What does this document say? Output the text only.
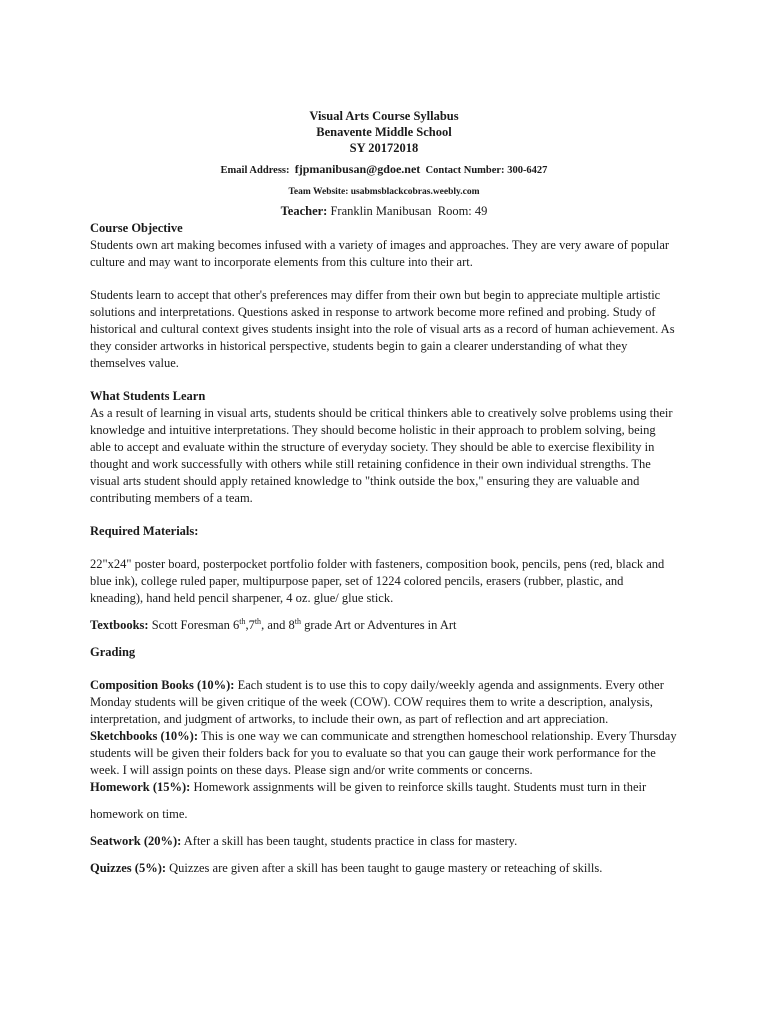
Visual Arts Course Syllabus
Benavente Middle School
SY 20172018
Email Address: fjpmanibusan@gdoe.net Contact Number: 300-6427
Team Website: usabmsblackcobras.weebly.com
Teacher: Franklin Manibusan Room: 49
Course Objective

Students own art making becomes infused with a variety of images and approaches. They are very aware of popular culture and may want to incorporate elements from this culture into their art.

Students learn to accept that other's preferences may differ from their own but begin to appreciate multiple artistic solutions and interpretations. Questions asked in response to artwork become more refined and probing. Study of historical and cultural context gives students insight into the role of visual arts as a record of human achievement. As they consider artworks in historical perspective, students begin to gain a clearer understanding of what they themselves value.

What Students Learn

As a result of learning in visual arts, students should be critical thinkers able to creatively solve problems using their knowledge and intuitive interpretations. They should become holistic in their approach to problem solving, being able to accept and evaluate within the structure of everyday society. They should be able to exercise flexibility in thought and work successfully with others while still retaining confidence in their own individual strengths. The visual arts student should apply retained knowledge to "think outside the box," ensuring they are valuable and contributing members of a team.

Required Materials:

22"x24" poster board, posterpocket portfolio folder with fasteners, composition book, pencils, pens (red, black and blue ink), college ruled paper, multipurpose paper, set of 1224 colored pencils, erasers (rubber, plastic, and kneading), hand held pencil sharpener, 4 oz. glue/ glue stick.

Textbooks: Scott Foresman 6th,7th, and 8th grade Art or Adventures in Art

Grading

Composition Books (10%): Each student is to use this to copy daily/weekly agenda and assignments. Every other Monday students will be given critique of the week (COW). COW requires them to write a description, analysis, interpretation, and judgment of artworks, to include their own, as part of reflection and art appreciation.

Sketchbooks (10%): This is one way we can communicate and strengthen homeschool relationship. Every Thursday students will be given their folders back for you to evaluate so that you can gauge their work performance for the week. I will assign points on these days. Please sign and/or write comments or concerns.

Homework (15%): Homework assignments will be given to reinforce skills taught. Students must turn in their

homework on time.

Seatwork (20%): After a skill has been taught, students practice in class for mastery.

Quizzes (5%): Quizzes are given after a skill has been taught to gauge mastery or reteaching of skills.
